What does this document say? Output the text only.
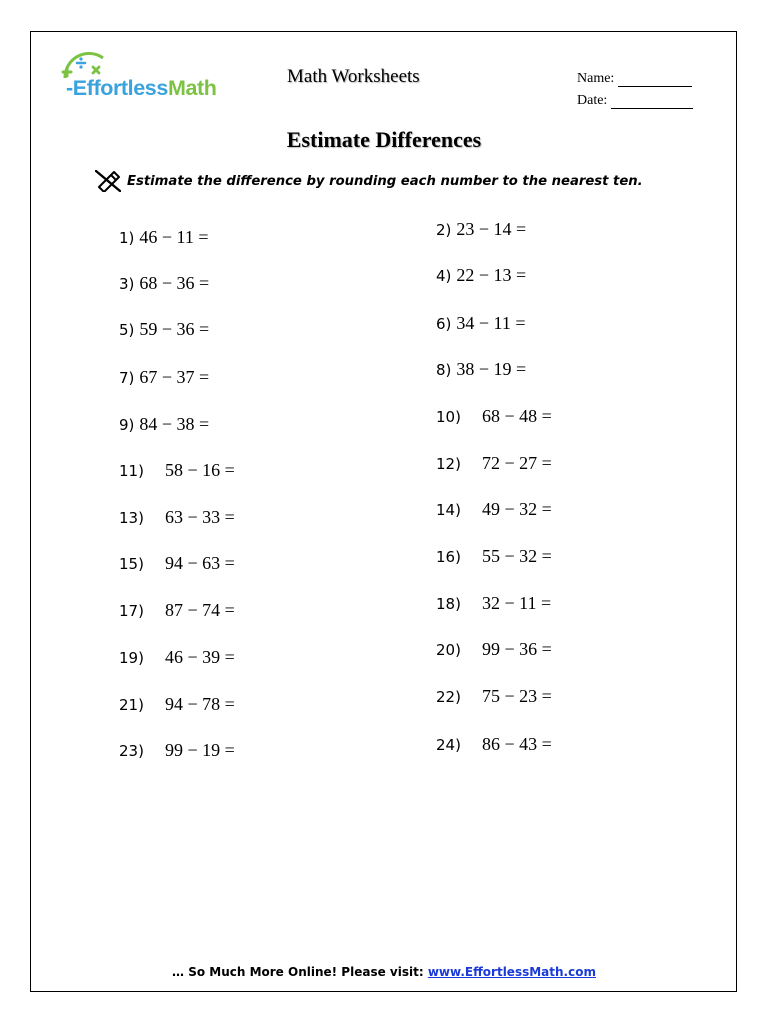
-EffortlessMath	Math Worksheets	Name:
Date:
Estimate Differences
Estimate the difference by rounding each number to the nearest ten.
1) 46 − 11 =	2) 23 − 14 =
3) 68 − 36 =	4) 22 − 13 =
5) 59 − 36 =	6) 34 − 11 =
7) 67 − 37 =	8) 38 − 19 =
9) 84 − 38 =	10) 68 − 48 =
11) 58 − 16 =	12) 72 − 27 =
13) 63 − 33 =	14) 49 − 32 =
15) 94 − 63 =	16) 55 − 32 =
17) 87 − 74 =	18) 32 − 11 =
19) 46 − 39 =	20) 99 − 36 =
21) 94 − 78 =	22) 75 − 23 =
23) 99 − 19 =	24) 86 − 43 =
… So Much More Online! Please visit: www.EffortlessMath.com
